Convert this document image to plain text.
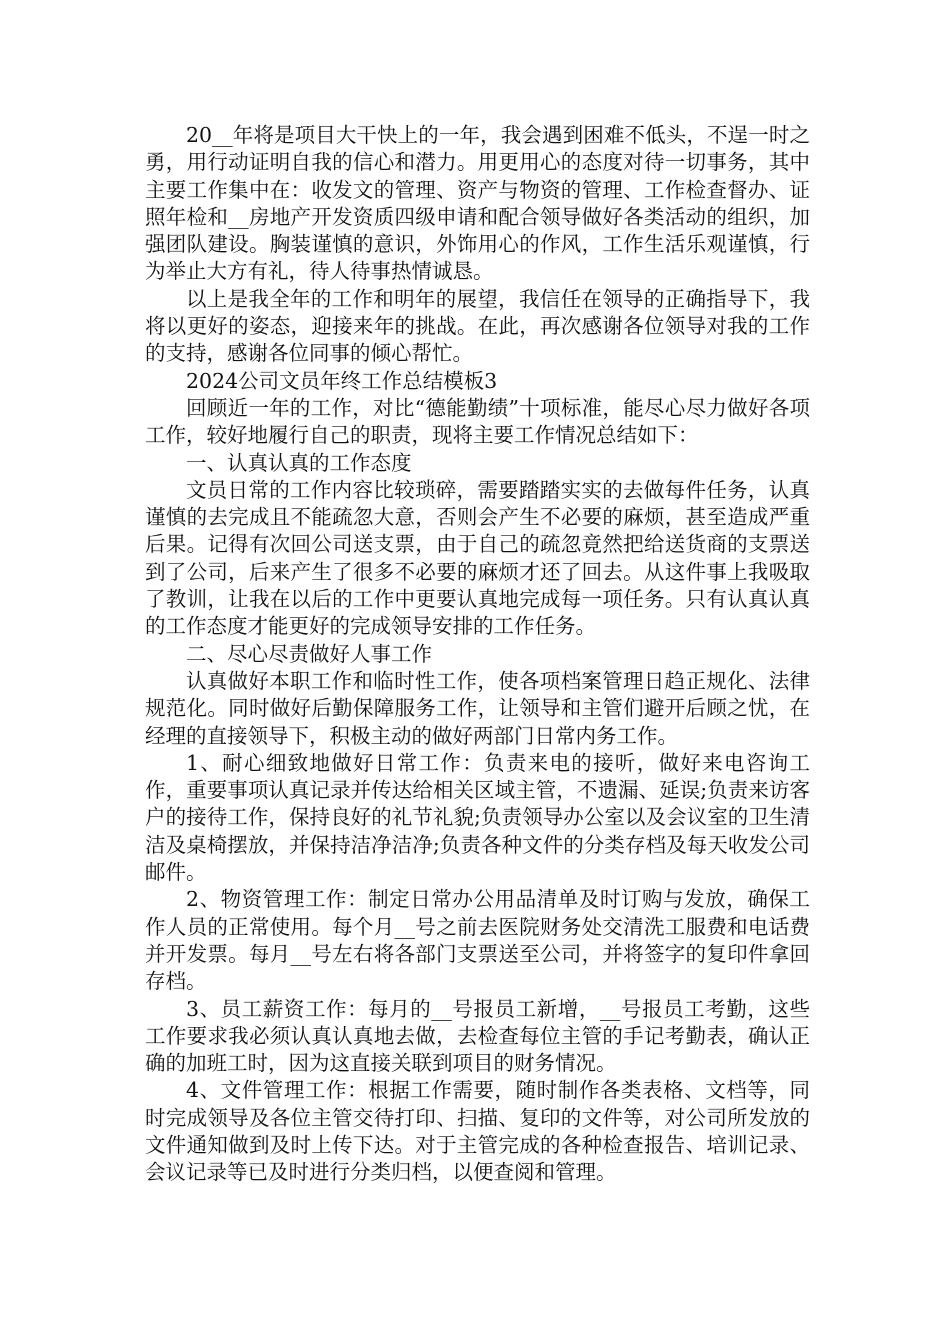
20__年将是项目大干快上的一年，我会遇到困难不低头，不逞一时之勇，用行动证明自我的信心和潜力。用更用心的态度对待一切事务，其中主要工作集中在：收发文的管理、资产与物资的管理、工作检查督办、证照年检和__房地产开发资质四级申请和配合领导做好各类活动的组织，加强团队建设。胸装谨慎的意识，外饰用心的作风，工作生活乐观谨慎，行为举止大方有礼，待人待事热情诚恳。

以上是我全年的工作和明年的展望，我信任在领导的正确指导下，我将以更好的姿态，迎接来年的挑战。在此，再次感谢各位领导对我的工作的支持，感谢各位同事的倾心帮忙。

2024公司文员年终工作总结模板3

回顾近一年的工作，对比“德能勤绩”十项标准，能尽心尽力做好各项工作，较好地履行自己的职责，现将主要工作情况总结如下：

一、认真认真的工作态度

文员日常的工作内容比较琐碎，需要踏踏实实的去做每件任务，认真谨慎的去完成且不能疏忽大意，否则会产生不必要的麻烦，甚至造成严重后果。记得有次回公司送支票，由于自己的疏忽竟然把给送货商的支票送到了公司，后来产生了很多不必要的麻烦才还了回去。从这件事上我吸取了教训，让我在以后的工作中更要认真地完成每一项任务。只有认真认真的工作态度才能更好的完成领导安排的工作任务。

二、尽心尽责做好人事工作

认真做好本职工作和临时性工作，使各项档案管理日趋正规化、法律规范化。同时做好后勤保障服务工作，让领导和主管们避开后顾之忧，在经理的直接领导下，积极主动的做好两部门日常内务工作。

1、耐心细致地做好日常工作：负责来电的接听，做好来电咨询工作，重要事项认真记录并传达给相关区域主管，不遗漏、延误;负责来访客户的接待工作，保持良好的礼节礼貌;负责领导办公室以及会议室的卫生清洁及桌椅摆放，并保持洁净洁净;负责各种文件的分类存档及每天收发公司邮件。

2、物资管理工作：制定日常办公用品清单及时订购与发放，确保工作人员的正常使用。每个月__号之前去医院财务处交清洗工服费和电话费并开发票。每月__号左右将各部门支票送至公司，并将签字的复印件拿回存档。

3、员工薪资工作：每月的__号报员工新增，__号报员工考勤，这些工作要求我必须认真认真地去做，去检查每位主管的手记考勤表，确认正确的加班工时，因为这直接关联到项目的财务情况。

4、文件管理工作：根据工作需要，随时制作各类表格、文档等，同时完成领导及各位主管交待打印、扫描、复印的文件等，对公司所发放的文件通知做到及时上传下达。对于主管完成的各种检查报告、培训记录、会议记录等已及时进行分类归档，以便查阅和管理。
